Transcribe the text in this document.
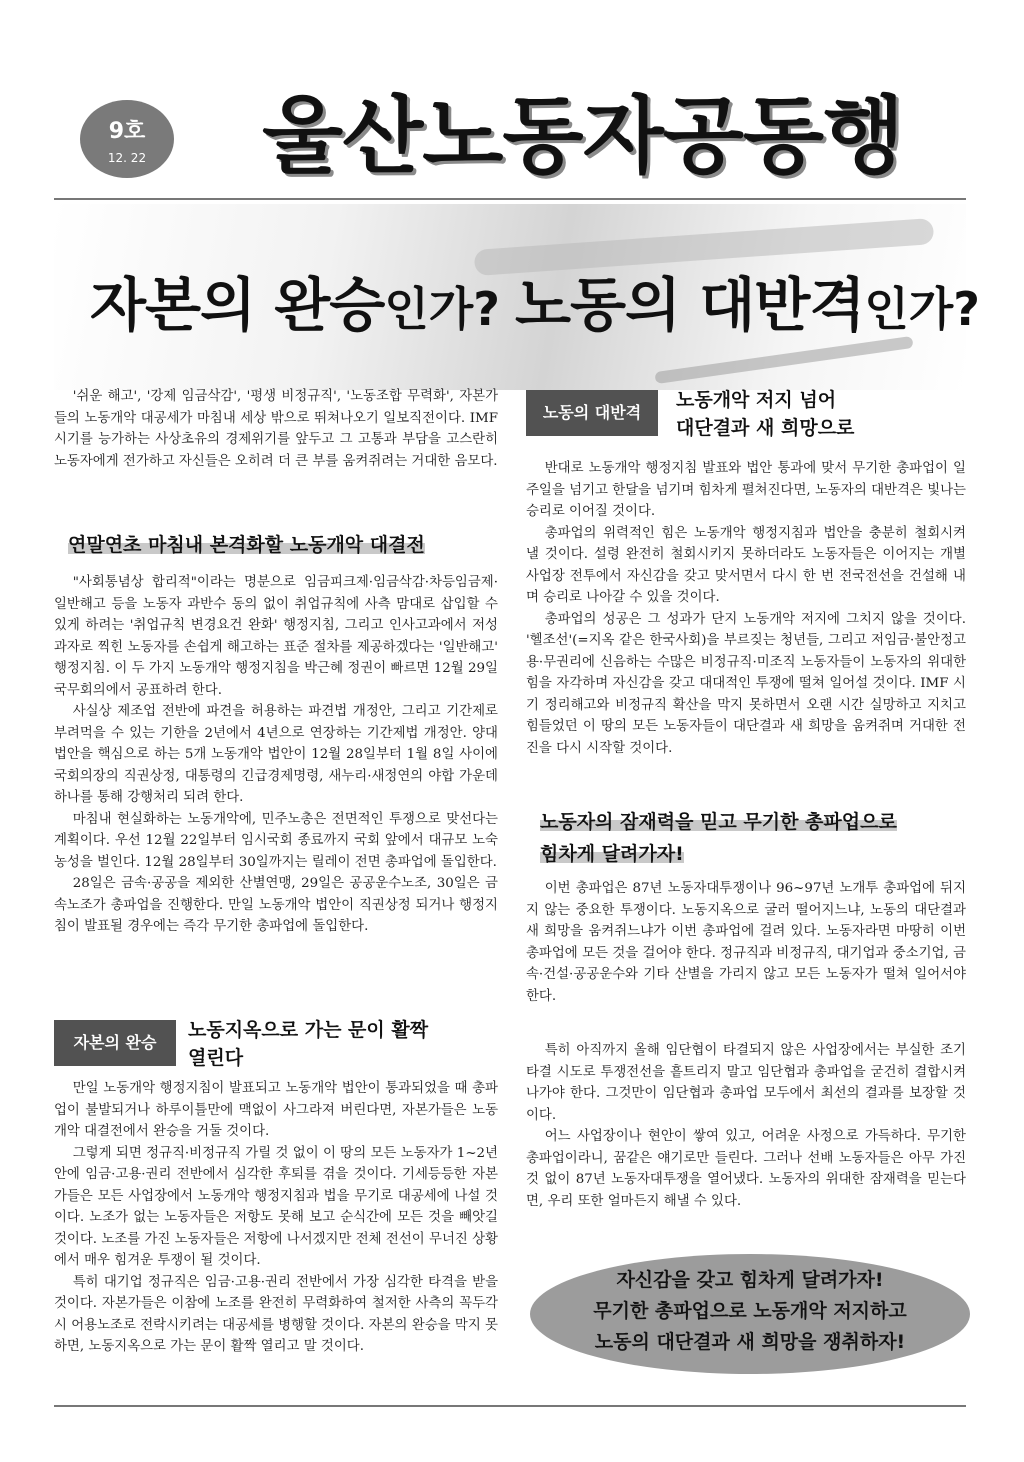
9호
12. 22	울산노동자공동행
자본의 완승인가? 노동의 대반격인가?

'쉬운 해고', '강제 임금삭감', '평생 비정규직', '노동조합 무력화', 자본가들의 노동개악 대공세가 마침내 세상 밖으로 뛰쳐나오기 일보직전이다. IMF 시기를 능가하는 사상초유의 경제위기를 앞두고 그 고통과 부담을 고스란히 노동자에게 전가하고 자신들은 오히려 더 큰 부를 움켜쥐려는 거대한 음모다.

연말연초 마침내 본격화할 노동개악 대결전

"사회통념상 합리적"이라는 명분으로 임금피크제·임금삭감·차등임금제·일반해고 등을 노동자 과반수 동의 없이 취업규칙에 사측 맘대로 삽입할 수 있게 하려는 '취업규칙 변경요건 완화' 행정지침, 그리고 인사고과에서 저성과자로 찍힌 노동자를 손쉽게 해고하는 표준 절차를 제공하겠다는 '일반해고' 행정지침. 이 두 가지 노동개악 행정지침을 박근혜 정권이 빠르면 12월 29일 국무회의에서 공표하려 한다.

사실상 제조업 전반에 파견을 허용하는 파견법 개정안, 그리고 기간제로 부려먹을 수 있는 기한을 2년에서 4년으로 연장하는 기간제법 개정안. 양대 법안을 핵심으로 하는 5개 노동개악 법안이 12월 28일부터 1월 8일 사이에 국회의장의 직권상정, 대통령의 긴급경제명령, 새누리·새정연의 야합 가운데 하나를 통해 강행처리 되려 한다.

마침내 현실화하는 노동개악에, 민주노총은 전면적인 투쟁으로 맞선다는 계획이다. 우선 12월 22일부터 임시국회 종료까지 국회 앞에서 대규모 노숙농성을 벌인다. 12월 28일부터 30일까지는 릴레이 전면 총파업에 돌입한다.

28일은 금속·공공을 제외한 산별연맹, 29일은 공공운수노조, 30일은 금속노조가 총파업을 진행한다. 만일 노동개악 법안이 직권상정 되거나 행정지침이 발표될 경우에는 즉각 무기한 총파업에 돌입한다.

자본의 완승
노동지옥으로 가는 문이 활짝
열린다

만일 노동개악 행정지침이 발표되고 노동개악 법안이 통과되었을 때 총파업이 불발되거나 하루이틀만에 맥없이 사그라져 버린다면, 자본가들은 노동개악 대결전에서 완승을 거둘 것이다.

그렇게 되면 정규직·비정규직 가릴 것 없이 이 땅의 모든 노동자가 1~2년 안에 임금·고용·권리 전반에서 심각한 후퇴를 겪을 것이다. 기세등등한 자본가들은 모든 사업장에서 노동개악 행정지침과 법을 무기로 대공세에 나설 것이다. 노조가 없는 노동자들은 저항도 못해 보고 순식간에 모든 것을 빼앗길 것이다. 노조를 가진 노동자들은 저항에 나서겠지만 전체 전선이 무너진 상황에서 매우 힘겨운 투쟁이 될 것이다.

특히 대기업 정규직은 임금·고용·권리 전반에서 가장 심각한 타격을 받을 것이다. 자본가들은 이참에 노조를 완전히 무력화하여 철저한 사측의 꼭두각시 어용노조로 전락시키려는 대공세를 병행할 것이다. 자본의 완승을 막지 못하면, 노동지옥으로 가는 문이 활짝 열리고 말 것이다.

노동의 대반격
노동개악 저지 넘어
대단결과 새 희망으로

반대로 노동개악 행정지침 발표와 법안 통과에 맞서 무기한 총파업이 일주일을 넘기고 한달을 넘기며 힘차게 펼쳐진다면, 노동자의 대반격은 빛나는 승리로 이어질 것이다.

총파업의 위력적인 힘은 노동개악 행정지침과 법안을 충분히 철회시켜 낼 것이다. 설령 완전히 철회시키지 못하더라도 노동자들은 이어지는 개별 사업장 전투에서 자신감을 갖고 맞서면서 다시 한 번 전국전선을 건설해 내며 승리로 나아갈 수 있을 것이다.

총파업의 성공은 그 성과가 단지 노동개악 저지에 그치지 않을 것이다. '헬조선'(=지옥 같은 한국사회)을 부르짖는 청년들, 그리고 저임금·불안정고용·무권리에 신음하는 수많은 비정규직·미조직 노동자들이 노동자의 위대한 힘을 자각하며 자신감을 갖고 대대적인 투쟁에 떨쳐 일어설 것이다. IMF 시기 정리해고와 비정규직 확산을 막지 못하면서 오랜 시간 실망하고 지치고 힘들었던 이 땅의 모든 노동자들이 대단결과 새 희망을 움켜쥐며 거대한 전진을 다시 시작할 것이다.

노동자의 잠재력을 믿고 무기한 총파업으로
힘차게 달려가자!

이번 총파업은 87년 노동자대투쟁이나 96~97년 노개투 총파업에 뒤지지 않는 중요한 투쟁이다. 노동지옥으로 굴러 떨어지느냐, 노동의 대단결과 새 희망을 움켜쥐느냐가 이번 총파업에 걸려 있다. 노동자라면 마땅히 이번 총파업에 모든 것을 걸어야 한다. 정규직과 비정규직, 대기업과 중소기업, 금속·건설·공공운수와 기타 산별을 가리지 않고 모든 노동자가 떨쳐 일어서야 한다.

특히 아직까지 올해 임단협이 타결되지 않은 사업장에서는 부실한 조기타결 시도로 투쟁전선을 흩트리지 말고 임단협과 총파업을 굳건히 결합시켜 나가야 한다. 그것만이 임단협과 총파업 모두에서 최선의 결과를 보장할 것이다.

어느 사업장이나 현안이 쌓여 있고, 어려운 사정으로 가득하다. 무기한 총파업이라니, 꿈같은 얘기로만 들린다. 그러나 선배 노동자들은 아무 가진 것 없이 87년 노동자대투쟁을 열어냈다. 노동자의 위대한 잠재력을 믿는다면, 우리 또한 얼마든지 해낼 수 있다.

자신감을 갖고 힘차게 달려가자!
무기한 총파업으로 노동개악 저지하고
노동의 대단결과 새 희망을 쟁취하자!
